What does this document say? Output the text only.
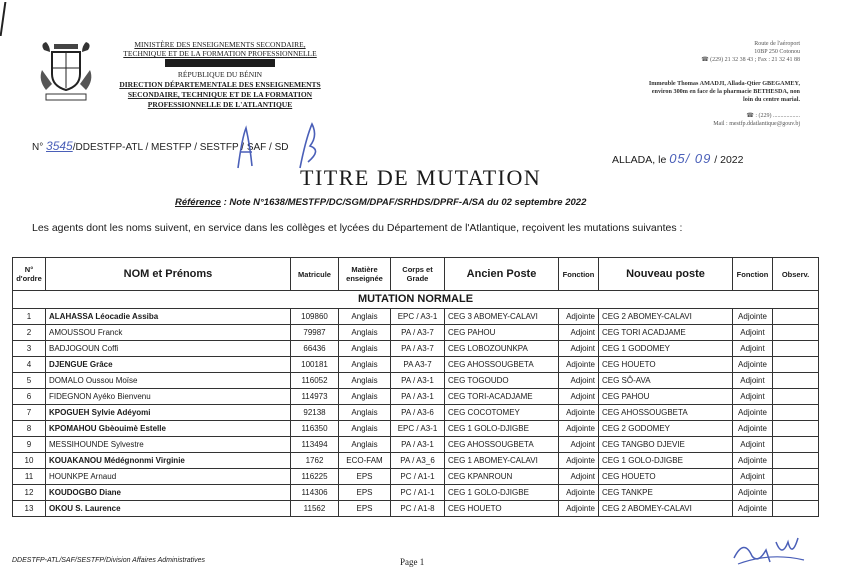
MINISTÈRE DES ENSEIGNEMENTS SECONDAIRE,
TECHNIQUE ET DE LA FORMATION PROFESSIONNELLE
RÉPUBLIQUE DU BÉNIN
DIRECTION DÉPARTEMENTALE DES ENSEIGNEMENTS
SECONDAIRE, TECHNIQUE ET DE LA FORMATION
PROFESSIONNELLE DE L'ATLANTIQUE
Route de l'aéroport
10BP 250 Cotonou
☎ (229) 21 32 38 43 ; Fax : 21 32 41 88
Immeuble Thomas AMADJI, Allada-Qtier GBEGAMEY,
environ 300m en face de la pharmacie BETHESDA, non
loin du centre marial.
☎ : (229) ..................
Mail : mestfp.ddatlantique@gouv.bj
N° 3545/DDESTFP-ATL / MESTFP / SESTFP / SAF / SD
ALLADA, le 05/ 09 / 2022
TITRE DE MUTATION
Référence : Note N°1638/MESTFP/DC/SGM/DPAF/SRHDS/DPRF-A/SA du 02 septembre 2022
Les agents dont les noms suivent, en service dans les collèges et lycées du Département de l'Atlantique, reçoivent les mutations suivantes :
N° d'ordre	NOM et Prénoms	Matricule	Matière enseignée	Corps et Grade	Ancien Poste	Fonction	Nouveau poste	Fonction	Observ.
MUTATION NORMALE									
1	ALAHASSA Léocadie Assiba	109860	Anglais	EPC / A3-1	CEG 3 ABOMEY-CALAVI	Adjointe	CEG 2 ABOMEY-CALAVI	Adjointe	
2	AMOUSSOU Franck	79987	Anglais	PA / A3-7	CEG PAHOU	Adjoint	CEG TORI ACADJAME	Adjoint	
3	BADJOGOUN Coffi	66436	Anglais	PA / A3-7	CEG LOBOZOUNKPA	Adjoint	CEG 1 GODOMEY	Adjoint	
4	DJENGUE Grâce	100181	Anglais	PA A3-7	CEG AHOSSOUGBETA	Adjointe	CEG HOUETO	Adjointe	
5	DOMALO Oussou Moïse	116052	Anglais	PA / A3-1	CEG TOGOUDO	Adjoint	CEG SÔ-AVA	Adjoint	
6	FIDEGNON Ayéko Bienvenu	114973	Anglais	PA / A3-1	CEG TORI-ACADJAME	Adjoint	CEG PAHOU	Adjoint	
7	KPOGUEH Sylvie Adéyomi	92138	Anglais	PA / A3-6	CEG COCOTOMEY	Adjointe	CEG AHOSSOUGBETA	Adjointe	
8	KPOMAHOU Gbèouimè Estelle	116350	Anglais	EPC / A3-1	CEG 1 GOLO-DJIGBE	Adjointe	CEG 2 GODOMEY	Adjointe	
9	MESSIHOUNDE Sylvestre	113494	Anglais	PA / A3-1	CEG AHOSSOUGBETA	Adjoint	CEG TANGBO DJEVIE	Adjoint	
10	KOUAKANOU Médégnonmi Virginie	1762	ECO-FAM	PA / A3_6	CEG 1 ABOMEY-CALAVI	Adjointe	CEG 1 GOLO-DJIGBE	Adjointe	
11	HOUNKPE Arnaud	116225	EPS	PC / A1-1	CEG KPANROUN	Adjoint	CEG HOUETO	Adjoint	
12	KOUDOGBO Diane	114306	EPS	PC / A1-1	CEG 1 GOLO-DJIGBE	Adjointe	CEG TANKPE	Adjointe	
13	OKOU S. Laurence	11562	EPS	PC / A1-8	CEG HOUETO	Adjointe	CEG 2 ABOMEY-CALAVI	Adjointe	
DDESTFP-ATL/SAF/SESTFP/Division Affaires Administratives	Page 1
